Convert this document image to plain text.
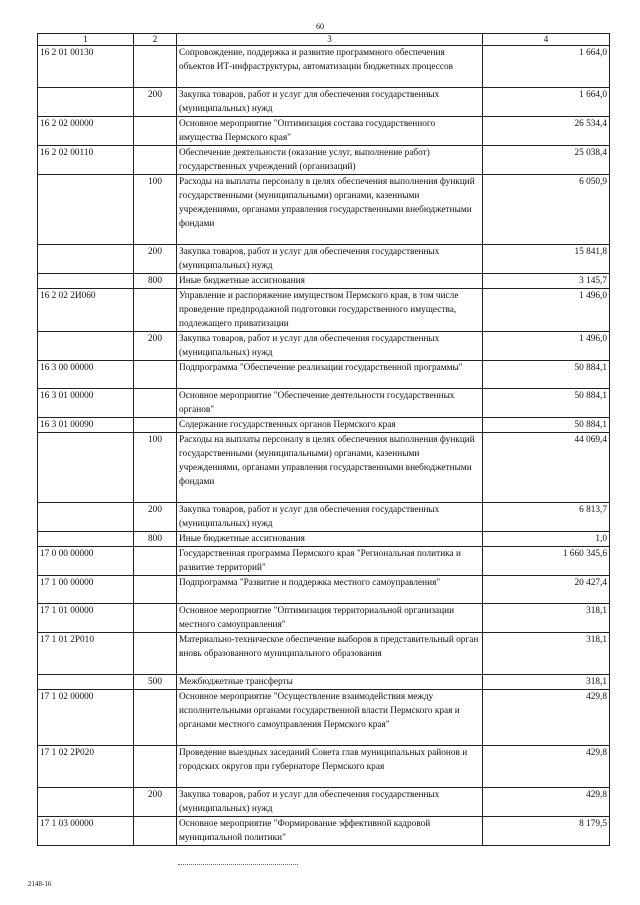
60
1	2	3	4
16 2 01 00130		Сопровождение, поддержка и развитие программного обеспечения объектов ИТ-инфраструктуры, автоматизации бюджетных процессов	1 664,0
	200	Закупка товаров, работ и услуг для обеспечения государственных (муниципальных) нужд	1 664,0
16 2 02 00000		Основное мероприятие "Оптимизация состава государственного имущества Пермского края"	26 534,4
16 2 02 00110		Обеспечение деятельности (оказание услуг, выполнение работ) государственных учреждений (организаций)	25 038,4
	100	Расходы на выплаты персоналу в целях обеспечения выполнения функций государственными (муниципальными) органами, казенными учреждениями, органами управления государственными внебюджетными фондами	6 050,9
	200	Закупка товаров, работ и услуг для обеспечения государственных (муниципальных) нужд	15 841,8
	800	Иные бюджетные ассигнования	3 145,7
16 2 02 2И060		Управление и распоряжение имуществом Пермского края, в том числе проведение предпродажной подготовки государственного имущества, подлежащего приватизации	1 496,0
	200	Закупка товаров, работ и услуг для обеспечения государственных (муниципальных) нужд	1 496,0
16 3 00 00000		Подпрограмма "Обеспечение реализации государственной программы"	50 884,1
16 3 01 00000		Основное мероприятие "Обеспечение деятельности государственных органов"	50 884,1
16 3 01 00090		Содержание государственных органов Пермского края	50 884,1
	100	Расходы на выплаты персоналу в целях обеспечения выполнения функций государственными (муниципальными) органами, казенными учреждениями, органами управления государственными внебюджетными фондами	44 069,4
	200	Закупка товаров, работ и услуг для обеспечения государственных (муниципальных) нужд	6 813,7
	800	Иные бюджетные ассигнования	1,0
17 0 00 00000		Государственная программа Пермского края "Региональная политика и развитие территорий"	1 660 345,6
17 1 00 00000		Подпрограмма "Развитие и поддержка местного самоуправления"	20 427,4
17 1 01 00000		Основное мероприятие "Оптимизация территориальной организации местного самоуправления"	318,1
17 1 01 2Р010		Материально-техническое обеспечение выборов в представительный орган вновь образованного муниципального образования	318,1
	500	Межбюджетные трансферты	318,1
17 1 02 00000		Основное мероприятие "Осуществление взаимодействия между исполнительными органами государственной власти Пермского края и органами местного самоуправления Пермского края"	429,8
17 1 02 2Р020		Проведение выездных заседаний Совета глав муниципальных районов и городских округов при губернаторе Пермского края	429,8
	200	Закупка товаров, работ и услуг для обеспечения государственных (муниципальных) нужд	429,8
17 1 03 00000		Основное мероприятие "Формирование эффективной кадровой муниципальной политики"	8 179,5
2148-16
